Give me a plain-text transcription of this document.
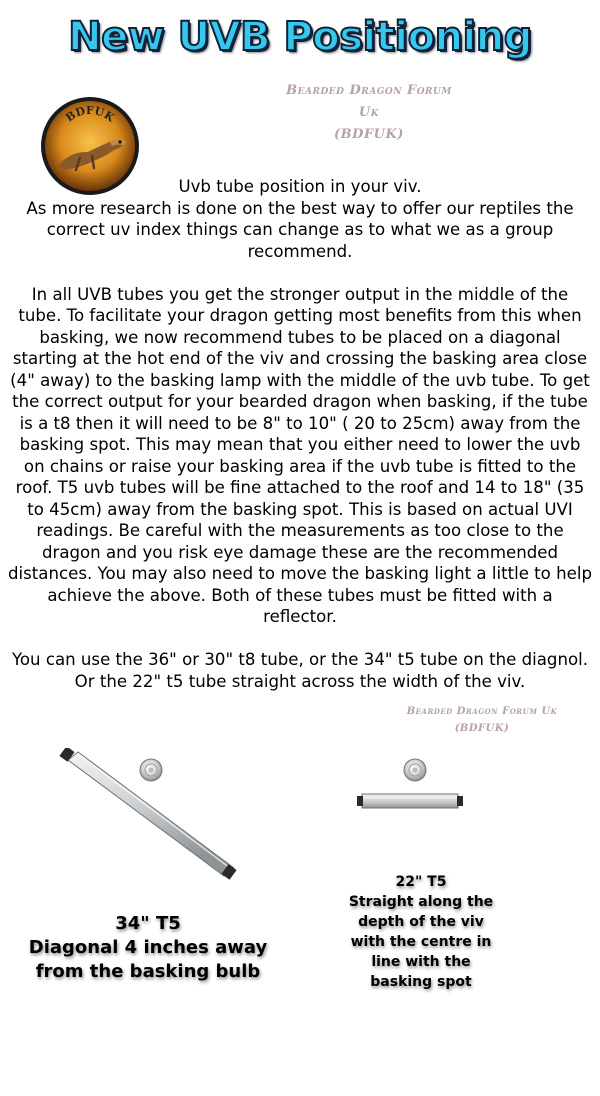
New UVB Positioning
Bearded Dragon Forum Uk
(BDFUK)
BDFUK

Uvb tube position in your viv.

As more research is done on the best way to offer our reptiles the correct uv index things can change as to what we as a group recommend.

In all UVB tubes you get the stronger output in the middle of the tube. To facilitate your dragon getting most benefits from this when basking, we now recommend tubes to be placed on a diagonal starting at the hot end of the viv and crossing the basking area close (4" away) to the basking lamp with the middle of the uvb tube. To get the correct output for your bearded dragon when basking, if the tube is a t8 then it will need to be 8" to 10" ( 20 to 25cm) away from the basking spot. This may mean that you either need to lower the uvb on chains or raise your basking area if the uvb tube is fitted to the roof. T5 uvb tubes will be fine attached to the roof and 14 to 18" (35 to 45cm) away from the basking spot. This is based on actual UVI readings. Be careful with the measurements as too close to the dragon and you risk eye damage these are the recommended distances. You may also need to move the basking light a little to help achieve the above. Both of these tubes must be fitted with a reflector.

You can use the 36" or 30" t8 tube, or the 34" t5 tube on the diagnol. Or the 22" t5 tube straight across the width of the viv.

Bearded Dragon Forum Uk
(BDFUK)
34" T5
Diagonal 4 inches away
from the basking bulb
22" T5
Straight along the
depth of the viv
with the centre in
line with the
basking spot
